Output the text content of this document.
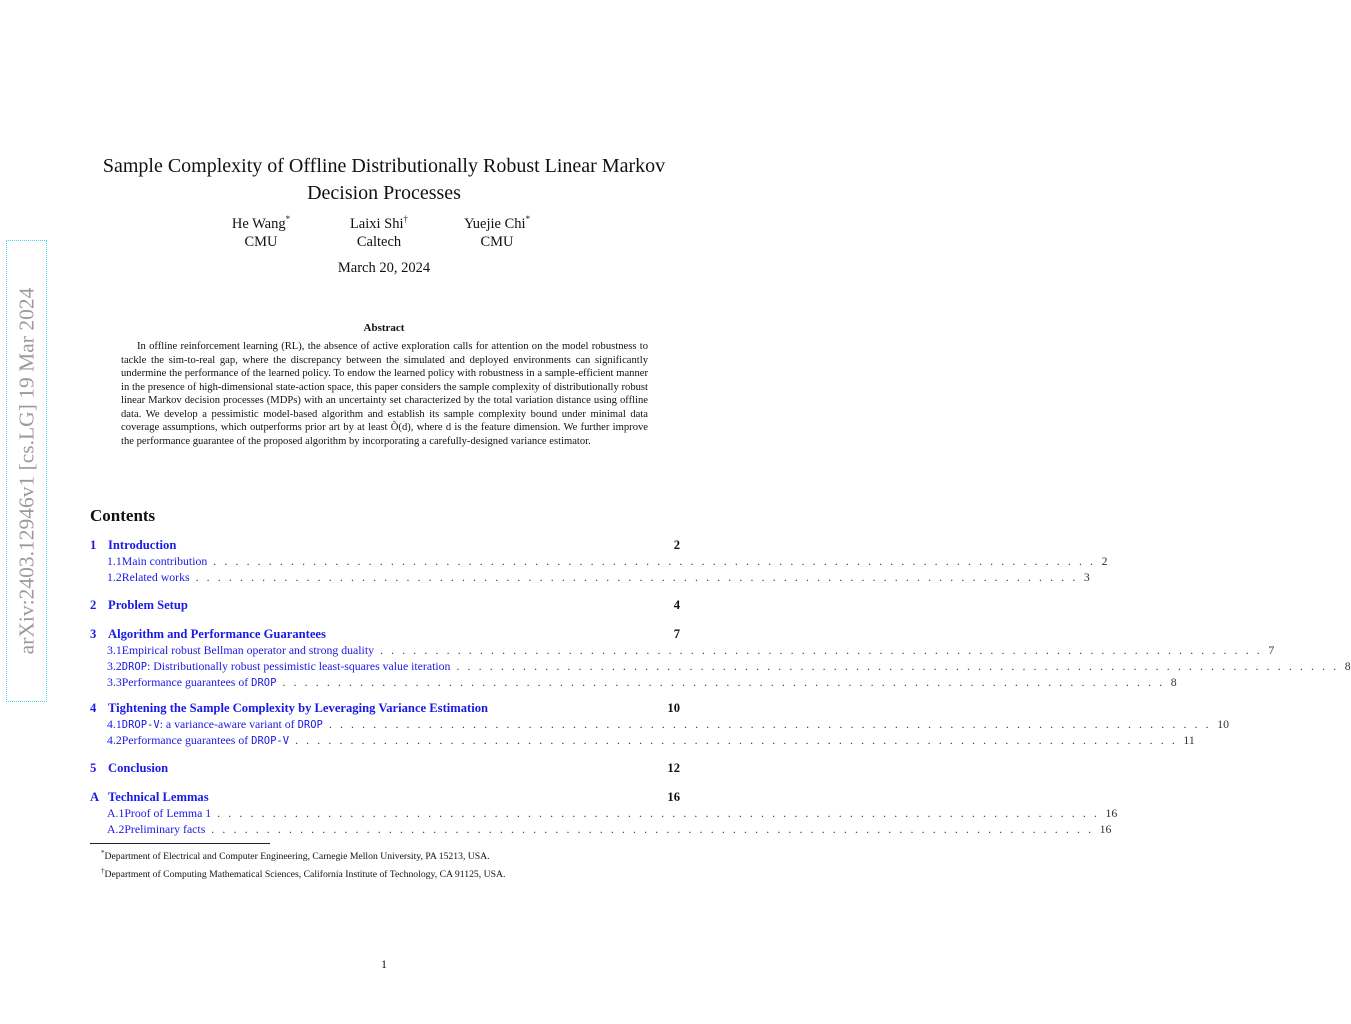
arXiv:2403.12946v1 [cs.LG] 19 Mar 2024
Sample Complexity of Offline Distributionally Robust Linear Markov Decision Processes
He Wang*
CMU
Laixi Shi†
Caltech
Yuejie Chi*
CMU
March 20, 2024
Abstract

In offline reinforcement learning (RL), the absence of active exploration calls for attention on the model robustness to tackle the sim-to-real gap, where the discrepancy between the simulated and deployed environments can significantly undermine the performance of the learned policy. To endow the learned policy with robustness in a sample-efficient manner in the presence of high-dimensional state-action space, this paper considers the sample complexity of distributionally robust linear Markov decision processes (MDPs) with an uncertainty set characterized by the total variation distance using offline data. We develop a pessimistic model-based algorithm and establish its sample complexity bound under minimal data coverage assumptions, which outperforms prior art by at least Õ(d), where d is the feature dimension. We further improve the performance guarantee of the proposed algorithm by incorporating a carefully-designed variance estimator.

Contents
1 Introduction	2
1.1 Main contribution . . . . . . . . . . . . . . . . . . . . . . . . . . . . . . . . . . . . . . . . . . . . . . . . . . . . . . . . . . . . . . . . . . . . . . . . . . . . . . . . 2
1.2 Related works . . . . . . . . . . . . . . . . . . . . . . . . . . . . . . . . . . . . . . . . . . . . . . . . . . . . . . . . . . . . . . . . . . . . . . . . . . . . . . . . 3
2 Problem Setup	4
3 Algorithm and Performance Guarantees	7
3.1 Empirical robust Bellman operator and strong duality . . . . . . . . . . . . . . . . . . . . . . . . . . . . . . . . . . . . . . . . . . . . . . . . . . . . . . . . . . . . . . . . . . . . . . . . . . . . . . . . 7
3.2 DROP: Distributionally robust pessimistic least-squares value iteration . . . . . . . . . . . . . . . . . . . . . . . . . . . . . . . . . . . . . . . . . . . . . . . . . . . . . . . . . . . . . . . . . . . . . . . . . . . . . . . . 8
3.3 Performance guarantees of DROP . . . . . . . . . . . . . . . . . . . . . . . . . . . . . . . . . . . . . . . . . . . . . . . . . . . . . . . . . . . . . . . . . . . . . . . . . . . . . . . . 8
4 Tightening the Sample Complexity by Leveraging Variance Estimation	10
4.1 DROP-V: a variance-aware variant of DROP . . . . . . . . . . . . . . . . . . . . . . . . . . . . . . . . . . . . . . . . . . . . . . . . . . . . . . . . . . . . . . . . . . . . . . . . . . . . . . . . 10
4.2 Performance guarantees of DROP-V . . . . . . . . . . . . . . . . . . . . . . . . . . . . . . . . . . . . . . . . . . . . . . . . . . . . . . . . . . . . . . . . . . . . . . . . . . . . . . . . 11
5 Conclusion	12
A Technical Lemmas	16
A.1 Proof of Lemma 1 . . . . . . . . . . . . . . . . . . . . . . . . . . . . . . . . . . . . . . . . . . . . . . . . . . . . . . . . . . . . . . . . . . . . . . . . . . . . . . . . 16
A.2 Preliminary facts . . . . . . . . . . . . . . . . . . . . . . . . . . . . . . . . . . . . . . . . . . . . . . . . . . . . . . . . . . . . . . . . . . . . . . . . . . . . . . . . 16
*Department of Electrical and Computer Engineering, Carnegie Mellon University, PA 15213, USA.
†Department of Computing Mathematical Sciences, California Institute of Technology, CA 91125, USA.
1
